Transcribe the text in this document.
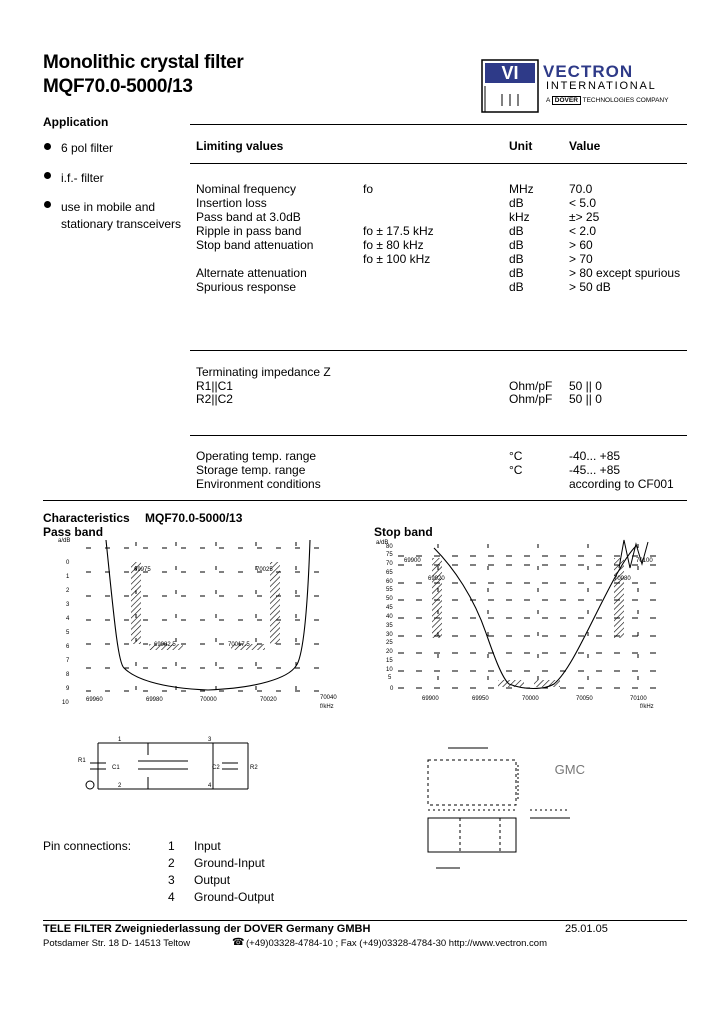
Monolithic crystal filter
MQF70.0-5000/13
VI VECTRON
INTERNATIONAL
A DOVER TECHNOLOGIES COMPANY
Application
6 pol filter
i.f.- filter
use in mobile and
stationary transceivers
Limiting values	Unit	Value
Nominal frequency	fo	MHz	70.0
Insertion loss	dB	< 5.0
Pass band at 3.0dB	kHz	±> 25
Ripple in pass band	fo ± 17.5 kHz	dB	< 2.0
Stop band attenuation	fo ± 80 kHz	dB	> 60
fo ± 100 kHz	dB	> 70
Alternate attenuation	dB	> 80 except spurious
Spurious response	dB	> 50 dB
Terminating impedance Z
R1||C1	Ohm/pF 50 || 0
R2||C2	Ohm/pF 50 || 0
Operating temp. range	°C	-40... +85
Storage temp. range	°C	-45... +85
Environment conditions	according to CF001
Characteristics MQF70.0-5000/13
Pass band	Stop band
a/dB
0
1
2
3
4
5
6
7
8
9
10	69960	69980	70000	70020	70040
f/kHz
69975	70025
69982.5	70017.5
a/dB
0
5
10
15
20
25
30
35
40
45
50
55
60
65
70
75
80
69900	69950	70000	70050	70100
f/kHz
69900
69920	70080
70100
1	3
R1
C1	C2	R2
2	4
GMC
Pin connections:	1 Input
2 Ground-Input
3 Output
4 Ground-Output
TELE FILTER Zweigniederlassung der DOVER Germany GMBH	25.01.05
Potsdamer Str. 18 D- 14513 Teltow	☎ (+49)03328-4784-10 ; Fax (+49)03328-4784-30 http://www.vectron.com
